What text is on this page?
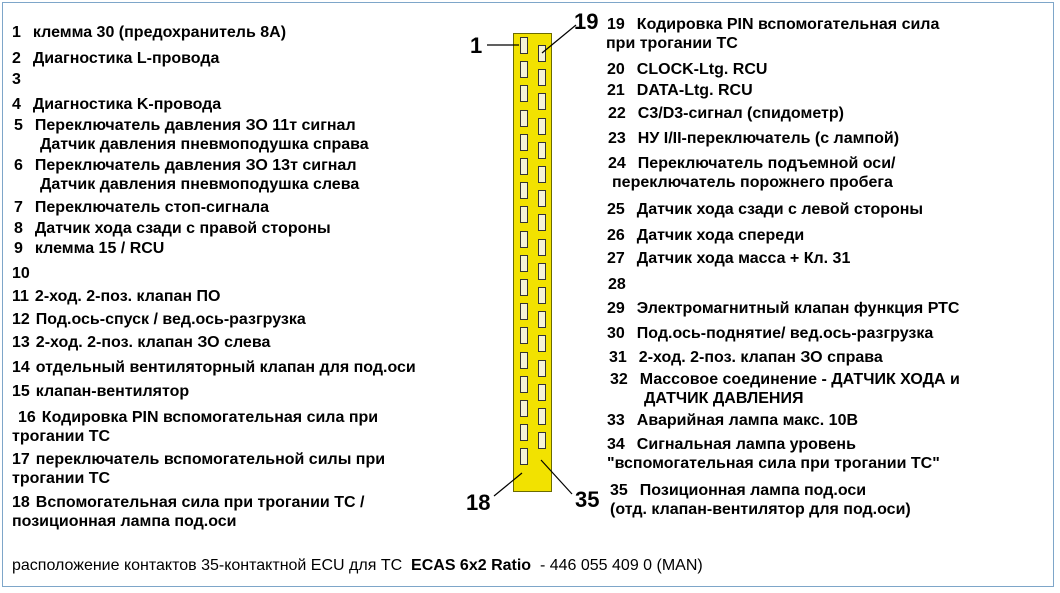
1 клемма 30 (предохранитель 8А)
2 Диагностика L-провода
3
4 Диагностика K-провода
5 Переключатель давления ЗО 11т сигнал
Датчик давления пневмоподушка справа
6 Переключатель давления ЗО 13т сигнал
Датчик давления пневмоподушка слева
7 Переключатель стоп-сигнала
8 Датчик хода сзади с правой стороны
9 клемма 15 / RCU
10
11 2-ход. 2-поз. клапан ПО
12 Под.ось-спуск / вед.ось-разгрузка
13 2-ход. 2-поз. клапан ЗО слева
14 отдельный вентиляторный клапан для под.оси
15 клапан-вентилятор
16 Кодировка PIN вспомогательная сила при
трогании ТС
17 переключатель вспомогательной силы при
трогании ТС
18 Вспомогательная сила при трогании ТС /
позиционная лампа под.оси
19 Кодировка PIN вспомогательная сила
при трогании ТС
20 CLOCK-Ltg. RCU
21 DATA-Ltg. RCU
22 C3/D3-сигнал (спидометр)
23 НУ I/II-переключатель (с лампой)
24 Переключатель подъемной оси/
переключатель порожнего пробега
25 Датчик хода сзади с левой стороны
26 Датчик хода спереди
27 Датчик хода масса + Кл. 31
28
29 Электромагнитный клапан функция РТС
30 Под.ось-поднятие/ вед.ось-разгрузка
31 2-ход. 2-поз. клапан ЗО справа
32 Массовое соединение - ДАТЧИК ХОДА и
ДАТЧИК ДАВЛЕНИЯ
33 Аварийная лампа макс. 10В
34 Сигнальная лампа уровень
"вспомогательная сила при трогании ТС"
35 Позиционная лампа под.оси
(отд. клапан-вентилятор для под.оси)
1
19
18	35
расположение контактов 35-контактной ECU для ТС ECAS 6x2 Ratio - 446 055 409 0 (MAN)
